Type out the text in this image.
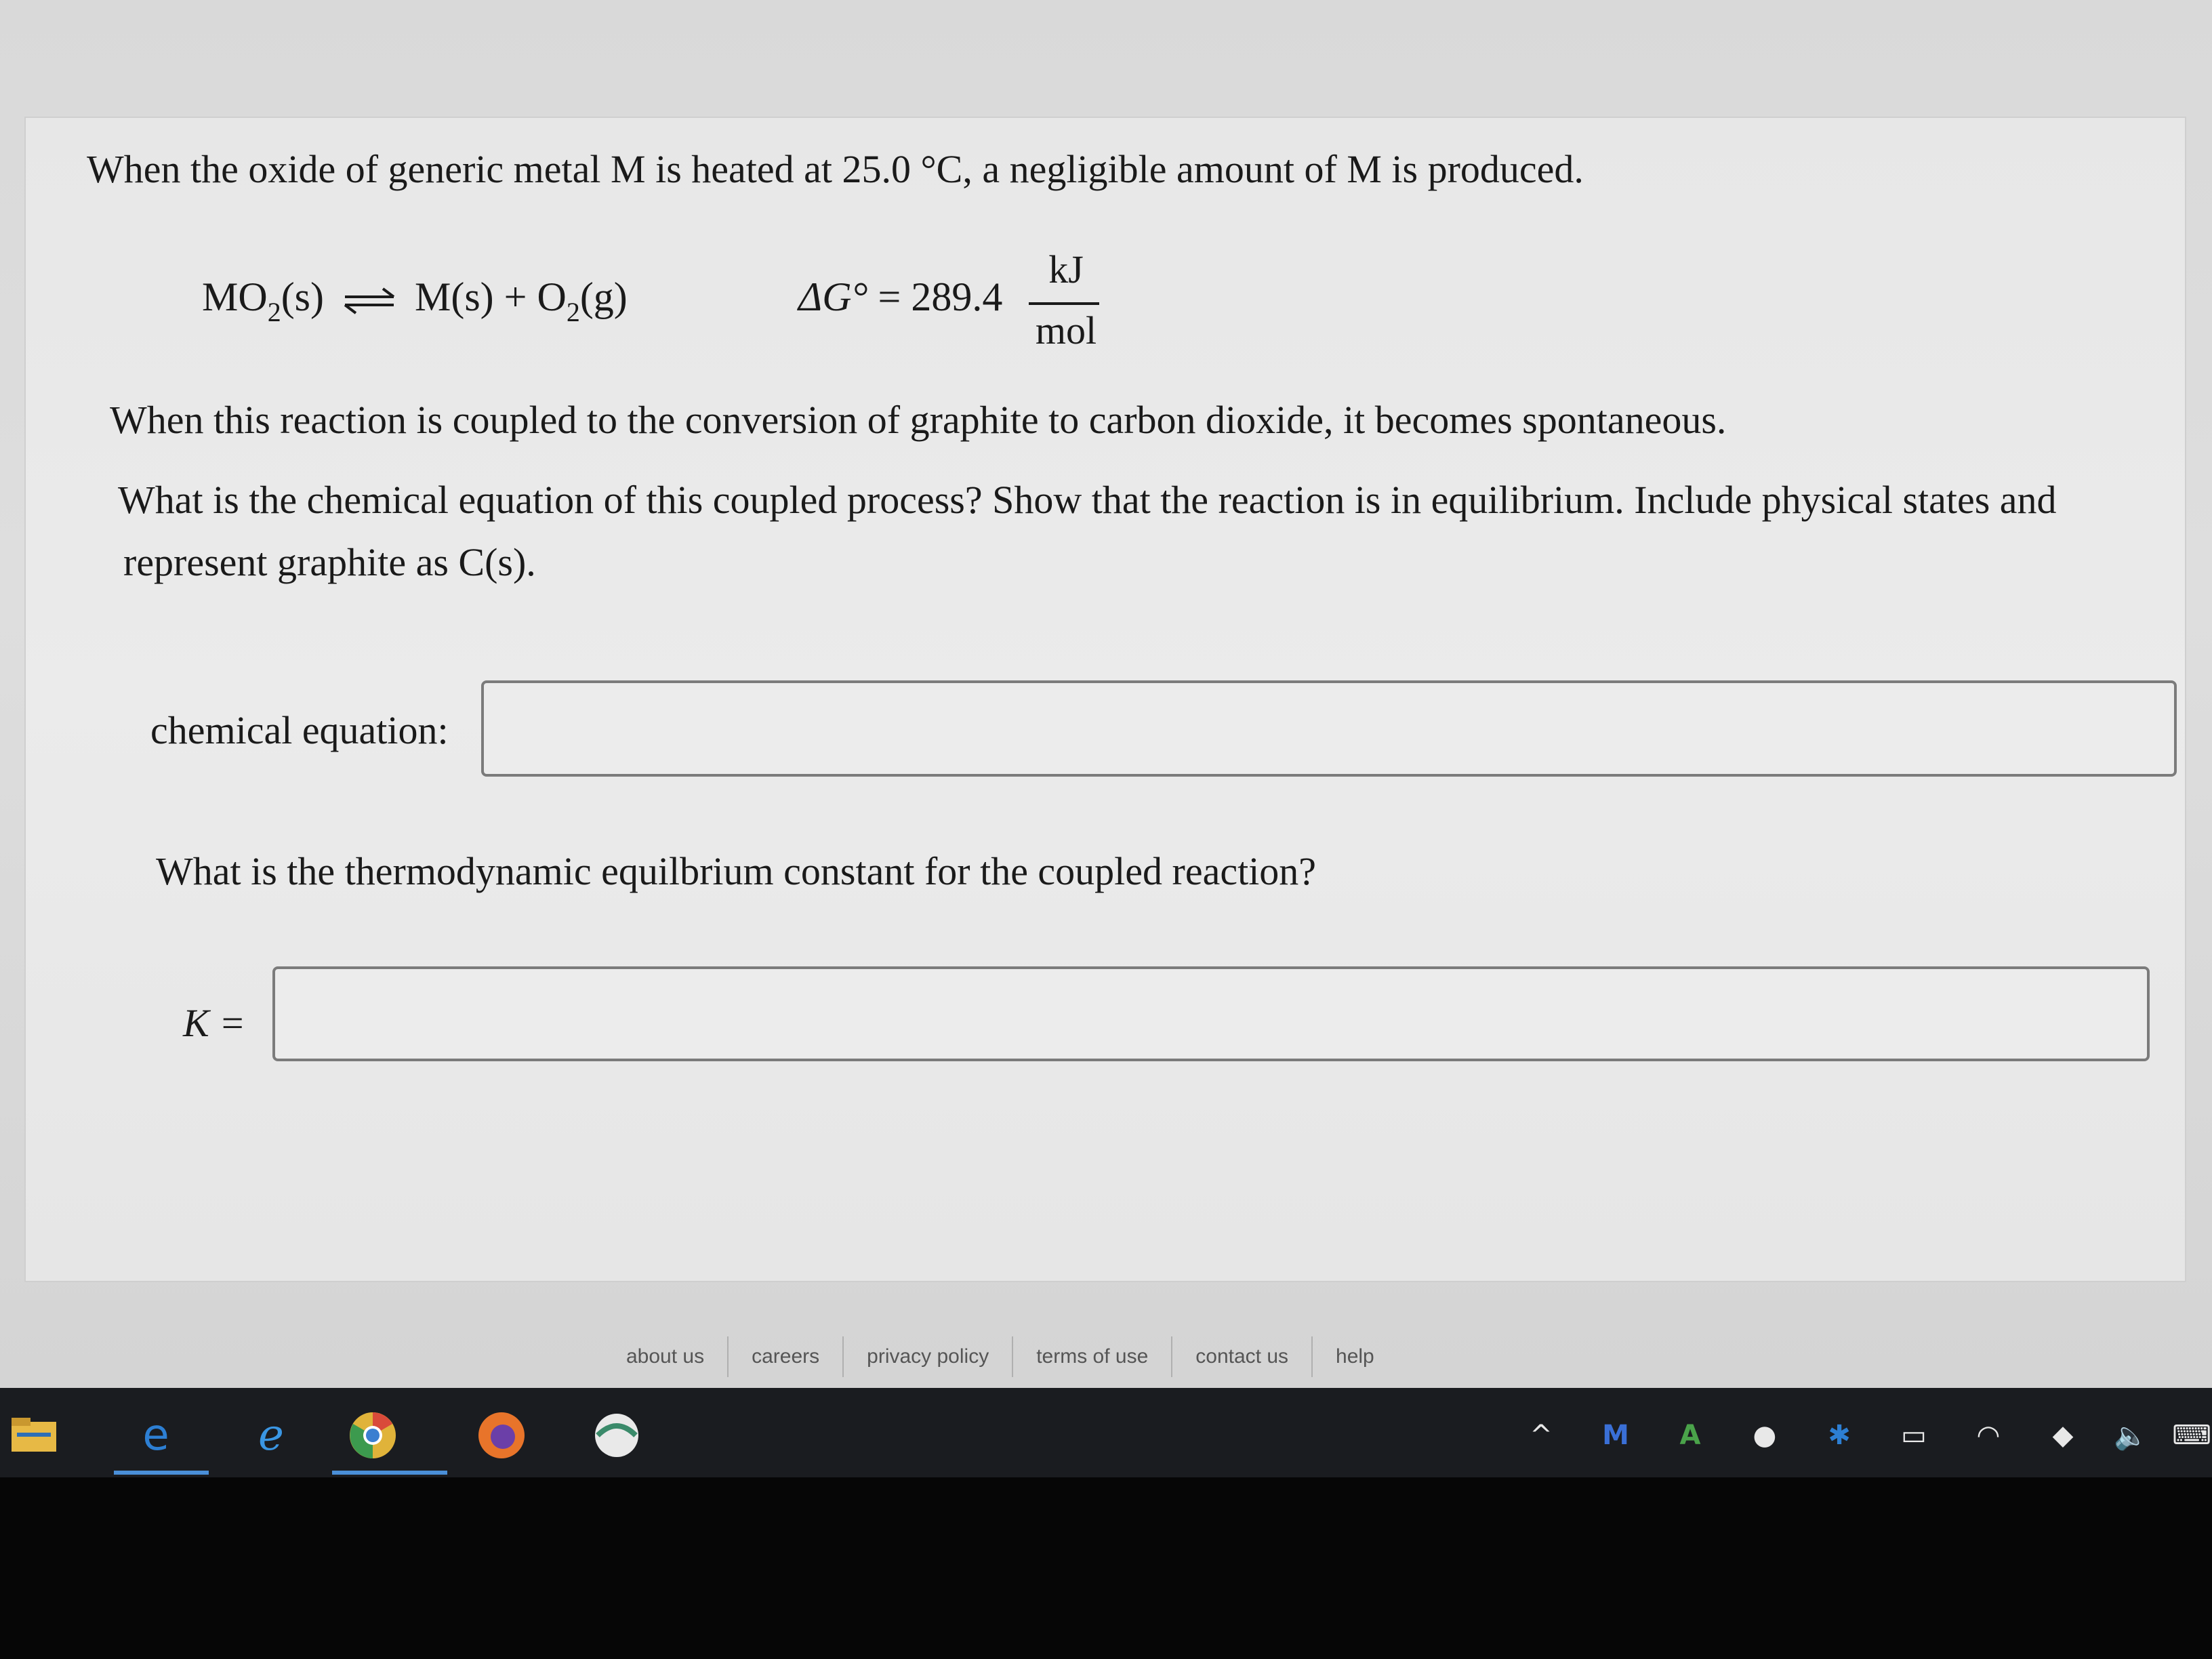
When the oxide of generic metal M is heated at 25.0 °C, a negligible amount of M is produced.
$MO_2(s)$ ⇌ $M(s) + O_2(g)$	ΔG° = 289.4
kJ
mol
When this reaction is coupled to the conversion of graphite to carbon dioxide, it becomes spontaneous.
What is the chemical equation of this coupled process? Show that the reaction is in equilibrium. Include physical states and
represent graphite as C(s).
chemical equation:
What is the thermodynamic equilbrium constant for the coupled reaction?
K =
about us	careers	privacy policy	terms of use	contact us	help
e	ℯ	^ M	A	● ✱ ▭ ◠	◆	🔈 ⌨
